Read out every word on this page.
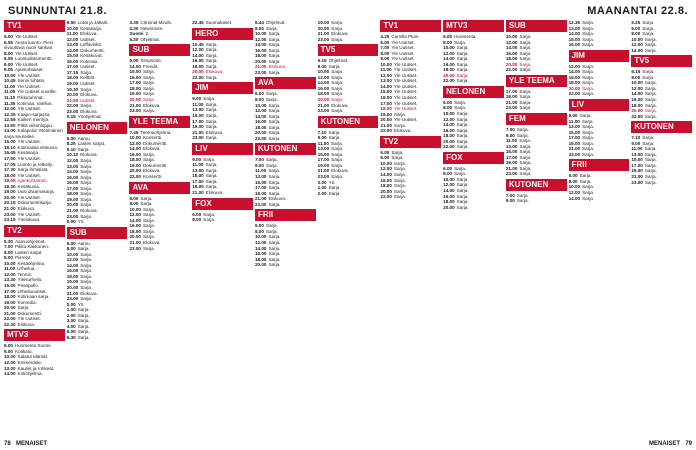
SUNNUNTAI 21.8.	MAANANTAI 22.8.
TV1
6.00 Yle Uutiset.
6.05 Avara luonto: Pieni
sivuuttava nuori sankari.
8.00 Yle Uutiset.
8.05 Luontodokumentti.
9.00 Yle Uutiset.
9.05 Ajankohtaiset.
10.00 Yle Uutiset.
10.45 Senni luhtalo.
11.00 Yle Uutiset.
11.05 Yle Uutiset nuorille.
11.10 Pikkutuhmat.
11.35 Kotimaa. Vaellus.
12.00 Yle Uutiset.
12.25 Kaapo-sarjassa.
12.55 Kaiken mentyä.
13.50 Pitkä viikonloppu.
14.00 Kalapolut: Moninainen
sarja seurailee.
15.00 Yle Uutiset.
15.10 Kotimaisia elokuvia.
16.45 Kesäsarja.
17.00 Yle Uutiset.
17.05 Luonto ja retkeily.
17.30 Sarja ihmisistä.
18.00 Yle Uutiset.
18.05 Ajankohtainen.
18.30 Kesäkuvia.
19.00 Uusi draamasarja.
20.00 Yle Uutiset.
20.15 Dokumenttisarja.
21.00 Elokuva.
23.00 Yle Uutiset.
23.15 Yöelokuva.
TV2
5.30 Aamuohjelmat.
7.00 Pikku Kakkonen.
8.00 Lasten sarjat.
9.00 Piirretyt.
10.00 Kesäohjelma.
11.00 Urheilua.
12.00 Tennis.
13.30 Yleisurheilu.
15.00 Pesäpallo.
17.00 Urheiluuutiset.
18.00 Kotimaan sarja.
19.00 Komedia.
20.00 Sarja.
21.00 Dokumentti.
22.00 Yle Uutiset.
22.30 Elokuva.
MTV3
6.00 Huomenta Suomi.
9.00 Kotikatu.
10.00 Salatut elämät.
12.00 Emmerdale.
13.00 Kauniit ja rohkeat.
14.00 Kotiohjelma.
9.50 Lotat ja Jäkarit.
10.00 Kesäsarja.
11.00 Elokuva.
12.00 Uutiset.
13.00 Leffavinkit.
14.00 Dokumentti.
15.00 Kesäkuvat.
16.00 Kotimaa.
17.00 Uutiset.
17.15 Sarja.
18.00 Keittiöt.
19.00 Uutiset.
19.30 Sarja.
20.00 Elokuva.
21.50 Uutiset.
22.00 Sarja.
23.00 Elokuva.
0.15 Yöohjelmat.
NELONEN
6.00 Aamu.
8.25 Lasten sarjat.
9.10 Sarja.
10.10 Elokuva.
12.00 Sarja.
13.00 Sarja.
14.00 Sarja.
15.00 Sarja.
16.00 Sarja.
17.00 Sarja.
18.00 Sarja.
19.00 Sarja.
20.00 Sarja.
21.00 Elokuva.
23.00 Sarja.
0.00 Yö.
SUB
6.00 Aamu.
8.00 Sarja.
10.00 Sarja.
12.00 Sarja.
14.00 Sarja.
16.00 Sarja.
18.00 Sarja.
19.00 Sarja.
20.00 Sarja.
21.00 Elokuva.
23.00 Sarja.
0.00 Yö.
1.00 Sarja.
2.00 Sarja.
3.00 Sarja.
4.00 Sarja.
5.00 Sarja.
5.30 Sarja.
3.35 Criminal Minds.
2.30 Newsroom.
Suomi 2.
5.30 Ohjelmat.
SUB
5.00 Simpsonit.
14.00 Frendit.
15.00 Sarja.
16.00 Sarja.
17.00 Sarja.
18.00 Sarja.
19.00 Sarja.
20.00 Sarja.
21.00 Elokuva.
23.00 Sarja.
YLE TEEMA
7.45 Teemaohjelma.
10.00 Konsertti.
12.00 Dokumentti.
14.00 Elokuva.
16.00 Sarja.
18.00 Sarja.
19.00 Dokumentti.
20.00 Elokuva.
22.00 Konsertti.
AVA
6.00 Sarja.
8.00 Sarja.
10.00 Sarja.
12.00 Sarja.
14.00 Sarja.
16.00 Sarja.
18.00 Sarja.
20.00 Sarja.
21.00 Elokuva.
23.00 Sarja.
22.45 Suomalaiset.
HERO
10.45 Sarja.
12.00 Sarja.
14.00 Sarja.
16.00 Sarja.
18.00 Sarja.
20.00 Elokuva.
22.00 Sarja.
JIM
9.00 Sarja.
11.00 Sarja.
13.00 Sarja.
15.00 Sarja.
17.00 Sarja.
19.00 Sarja.
21.00 Elokuva.
23.00 Sarja.
LIV
9.00 Sarja.
11.00 Sarja.
13.00 Sarja.
15.00 Sarja.
17.00 Sarja.
19.00 Sarja.
21.00 Elokuva.
FOX
6.00 Sarja.
8.00 Sarja.
6.44 Ohjelmat.
8.00 Sarja.
10.00 Sarja.
12.00 Sarja.
14.00 Sarja.
16.00 Sarja.
18.00 Sarja.
20.00 Sarja.
21.00 Elokuva.
23.00 Sarja.
AVA
6.00 Sarja.
8.00 Sarja.
10.00 Sarja.
12.00 Sarja.
14.00 Sarja.
16.00 Sarja.
18.00 Sarja.
20.00 Sarja.
22.00 Sarja.
KUTONEN
7.00 Sarja.
9.00 Sarja.
11.00 Sarja.
13.00 Sarja.
15.00 Sarja.
17.00 Sarja.
19.00 Sarja.
21.00 Elokuva.
23.00 Sarja.
FRII
6.00 Sarja.
8.00 Sarja.
10.00 Sarja.
12.00 Sarja.
14.00 Sarja.
16.00 Sarja.
18.00 Sarja.
20.00 Sarja.
19.00 Sarja.
20.00 Sarja.
21.00 Elokuva.
23.00 Sarja.
TV5
6.15 Ohjelmat.
8.00 Sarja.
10.00 Sarja.
12.00 Sarja.
14.00 Sarja.
16.00 Sarja.
18.00 Sarja.
20.00 Sarja.
21.00 Elokuva.
23.00 Sarja.
KUTONEN
7.10 Sarja.
9.00 Sarja.
11.00 Sarja.
13.00 Sarja.
15.00 Sarja.
17.00 Sarja.
19.00 Sarja.
21.00 Elokuva.
23.00 Sarja.
0.00 Yö.
1.00 Sarja.
2.00 Sarja.
TV1
4.25 Camilla Plum.
6.00 Yle Uutiset.
7.00 Yle Uutiset.
8.00 Yle Uutiset.
9.00 Yle Uutiset.
10.00 Yle Uutiset.
11.00 Yle Uutiset.
12.00 Yle Uutiset.
13.00 Yle Uutiset.
14.00 Yle Uutiset.
15.00 Yle Uutiset.
16.00 Yle Uutiset.
17.00 Yle Uutiset.
18.00 Yle Uutiset.
19.00 Sarja.
20.00 Yle Uutiset.
21.00 Sarja.
22.00 Elokuva.
TV2
6.00 Sarja.
8.00 Sarja.
10.00 Sarja.
12.00 Sarja.
14.00 Sarja.
16.00 Sarja.
18.00 Sarja.
20.00 Sarja.
22.00 Sarja.
MTV3
6.00 Huomenta.
8.00 Sarja.
10.00 Sarja.
12.00 Sarja.
14.00 Sarja.
16.00 Sarja.
18.00 Sarja.
20.00 Sarja.
22.00 Sarja.
NELONEN
6.00 Sarja.
8.00 Sarja.
10.00 Sarja.
12.00 Sarja.
14.00 Sarja.
16.00 Sarja.
18.00 Sarja.
20.00 Sarja.
22.00 Sarja.
FOX
6.00 Sarja.
8.00 Sarja.
10.00 Sarja.
12.00 Sarja.
14.00 Sarja.
16.00 Sarja.
18.00 Sarja.
20.00 Sarja.
SUB
10.00 Sarja.
12.00 Sarja.
14.00 Sarja.
16.00 Sarja.
18.00 Sarja.
20.00 Sarja.
22.00 Sarja.
YLE TEEMA
17.00 Sarja.
19.00 Sarja.
21.00 Sarja.
23.00 Sarja.
FEM
7.00 Sarja.
9.00 Sarja.
11.00 Sarja.
13.00 Sarja.
15.00 Sarja.
17.00 Sarja.
19.00 Sarja.
21.00 Sarja.
23.00 Sarja.
KUTONEN
7.00 Sarja.
9.00 Sarja.
12.35 Sarja.
13.00 Sarja.
14.00 Sarja.
15.00 Sarja.
16.00 Sarja.
JIM
12.00 Sarja.
14.00 Sarja.
16.00 Sarja.
18.00 Sarja.
20.00 Sarja.
22.00 Sarja.
LIV
9.00 Sarja.
11.00 Sarja.
13.00 Sarja.
15.00 Sarja.
17.00 Sarja.
19.00 Sarja.
21.00 Sarja.
23.00 Sarja.
FRII
6.00 Sarja.
8.00 Sarja.
10.00 Sarja.
12.00 Sarja.
14.00 Sarja.
5.25 Sarja.
6.00 Sarja.
8.00 Sarja.
10.00 Sarja.
12.00 Sarja.
14.00 Sarja.
TV5
6.15 Sarja.
8.00 Sarja.
10.00 Sarja.
12.00 Sarja.
14.00 Sarja.
16.00 Sarja.
18.00 Sarja.
20.00 Sarja.
22.00 Sarja.
KUTONEN
7.10 Sarja.
9.00 Sarja.
11.00 Sarja.
13.00 Sarja.
15.00 Sarja.
17.00 Sarja.
19.00 Sarja.
21.00 Sarja.
23.00 Sarja.
78 MENAISET	MENAISET 79
